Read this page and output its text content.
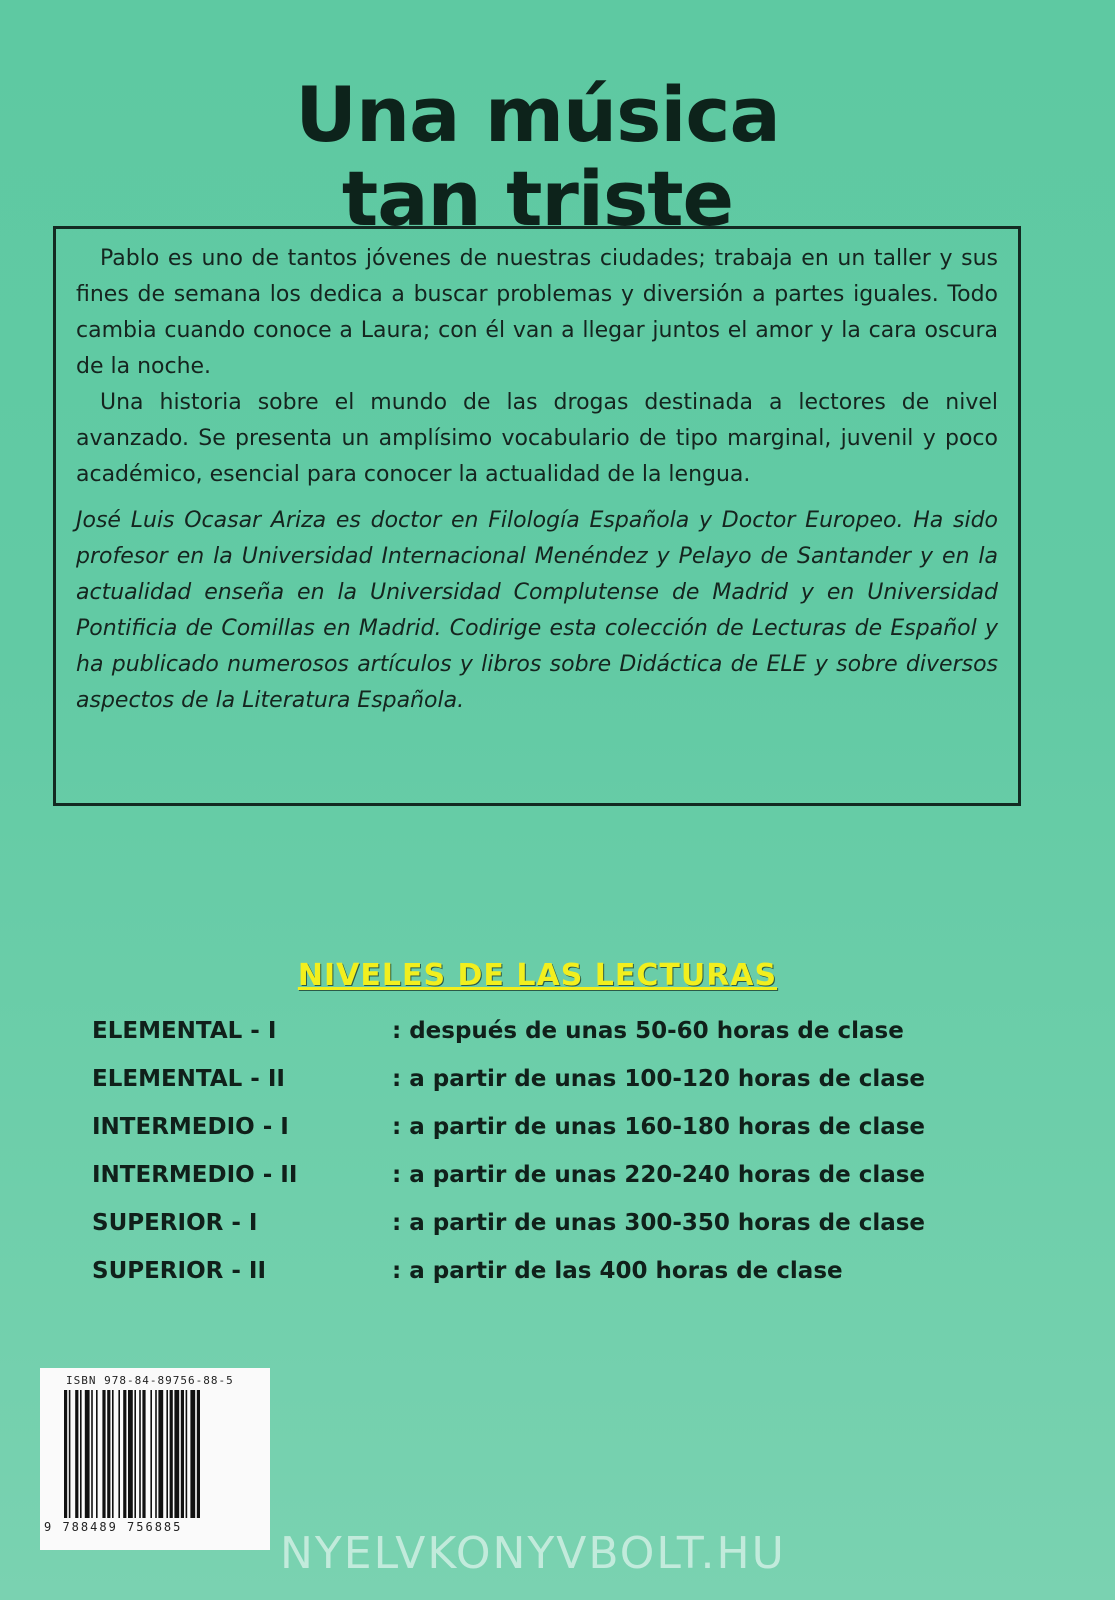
Una música
tan triste

Pablo es uno de tantos jóvenes de nuestras ciudades; trabaja en un taller y sus fines de semana los dedica a buscar problemas y diversión a partes iguales. Todo cambia cuando conoce a Laura; con él van a llegar juntos el amor y la cara oscura de la noche.

Una historia sobre el mundo de las drogas destinada a lectores de nivel avanzado. Se presenta un amplísimo vocabulario de tipo marginal, juvenil y poco académico, esencial para conocer la actualidad de la lengua.

José Luis Ocasar Ariza es doctor en Filología Española y Doctor Europeo. Ha sido profesor en la Universidad Internacional Menéndez y Pelayo de Santander y en la actualidad enseña en la Universidad Complutense de Madrid y en Universidad Pontificia de Comillas en Madrid. Codirige esta colección de Lecturas de Español y ha publicado numerosos artículos y libros sobre Didáctica de ELE y sobre diversos aspectos de la Literatura Española.

NIVELES DE LAS LECTURAS
ELEMENTAL - I	: después de unas 50-60 horas de clase
ELEMENTAL - II	: a partir de unas 100-120 horas de clase
INTERMEDIO - I	: a partir de unas 160-180 horas de clase
INTERMEDIO - II	: a partir de unas 220-240 horas de clase
SUPERIOR - I	: a partir de unas 300-350 horas de clase
SUPERIOR - II	: a partir de las 400 horas de clase
ISBN 978-84-89756-88-5
9 788489 756885
NYELVKONYVBOLT.HU
